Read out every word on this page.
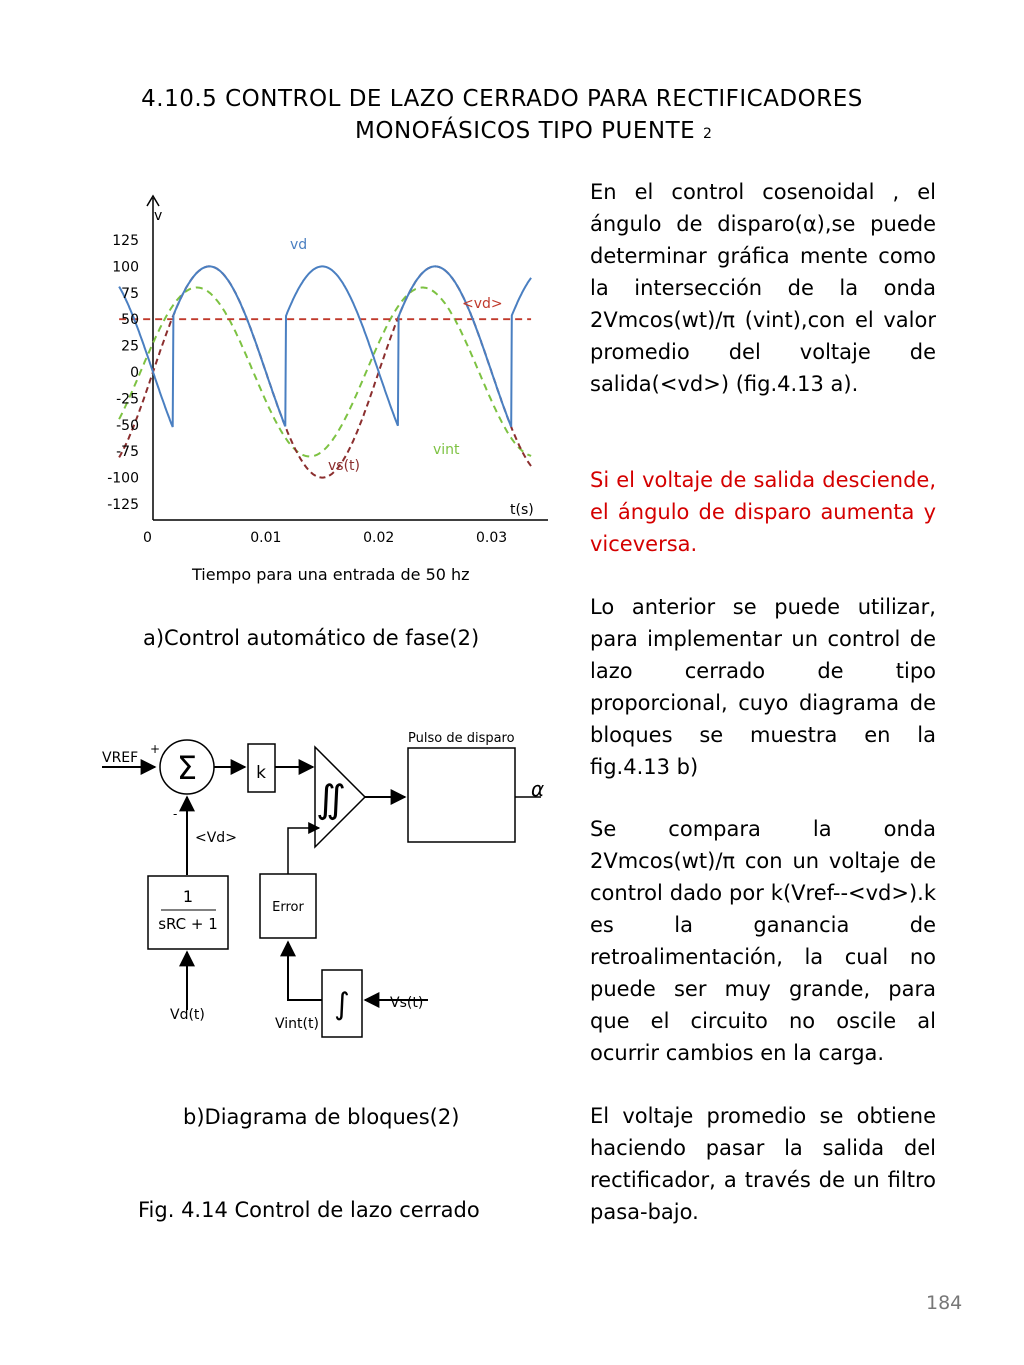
4.10.5 CONTROL DE LAZO CERRADO PARA RECTIFICADORES
MONOFÁSICOS TIPO PUENTE 2
v
t(s)
125
100
75
50
25
0
-25
-50
-75
-100
-125
0	0.01	0.02	0.03
vd
<vd>
vs(t)
vint
Tiempo para una entrada de 50 hz
a)Control automático de fase(2)
VREF
+
-
Σ	k
∬
Pulso de disparo
α
<Vd>
1
sRC + 1
Vd(t)
Error
∫	Vs(t)
Vint(t)
b)Diagrama de bloques(2)
Fig. 4.14 Control de lazo cerrado

En el control cosenoidal , el ángulo de disparo(α),se puede determinar gráfica mente como la intersección de la onda 2Vmcos(wt)/π (vint),con el valor promedio del voltaje de salida(<vd>) (fig.4.13 a).

Si el voltaje de salida desciende, el ángulo de disparo aumenta y viceversa.

Lo anterior se puede utilizar, para implementar un control de lazo cerrado de tipo proporcional, cuyo diagrama de bloques se muestra en la fig.4.13 b)

Se compara la onda 2Vmcos(wt)/π con un voltaje de control dado por k(Vref--<vd>).k es la ganancia de retroalimentación, la cual no puede ser muy grande, para que el circuito no oscile al ocurrir cambios en la carga.

El voltaje promedio se obtiene haciendo pasar la salida del rectificador, a través de un filtro pasa-bajo.

184
